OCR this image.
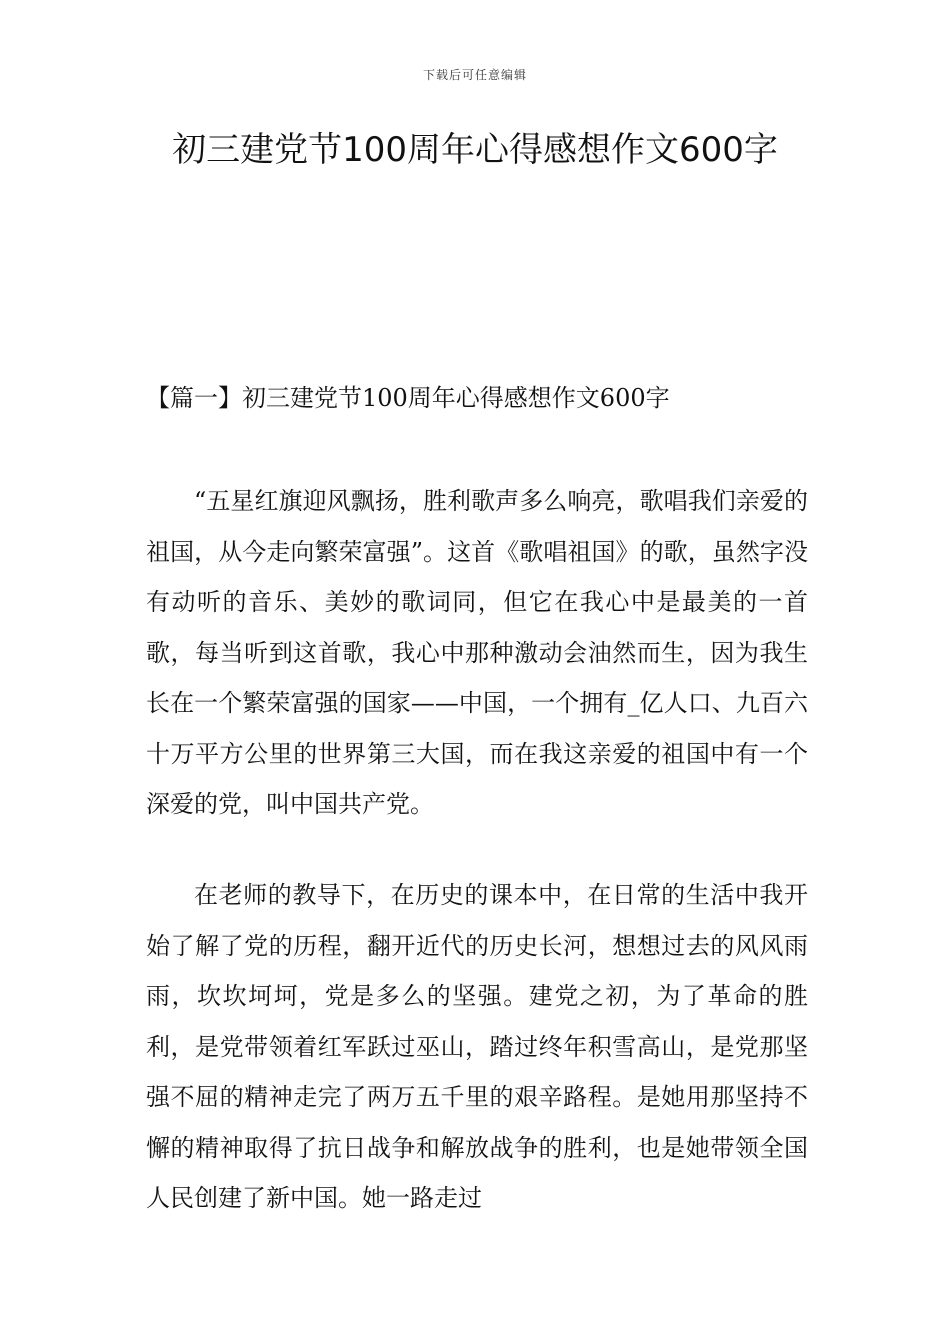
下载后可任意编辑
初三建党节100周年心得感想作文600字
【篇一】初三建党节100周年心得感想作文600字

“五星红旗迎风飘扬，胜利歌声多么响亮，歌唱我们亲爱的祖国，从今走向繁荣富强”。这首《歌唱祖国》的歌，虽然字没有动听的音乐、美妙的歌词同，但它在我心中是最美的一首歌，每当听到这首歌，我心中那种激动会油然而生，因为我生长在一个繁荣富强的国家——中国，一个拥有_亿人口、九百六十万平方公里的世界第三大国，而在我这亲爱的祖国中有一个深爱的党，叫中国共产党。

在老师的教导下，在历史的课本中，在日常的生活中我开始了解了党的历程，翻开近代的历史长河，想想过去的风风雨雨，坎坎坷坷，党是多么的坚强。建党之初，为了革命的胜利，是党带领着红军跃过巫山，踏过终年积雪高山，是党那坚强不屈的精神走完了两万五千里的艰辛路程。是她用那坚持不懈的精神取得了抗日战争和解放战争的胜利，也是她带领全国人民创建了新中国。她一路走过
